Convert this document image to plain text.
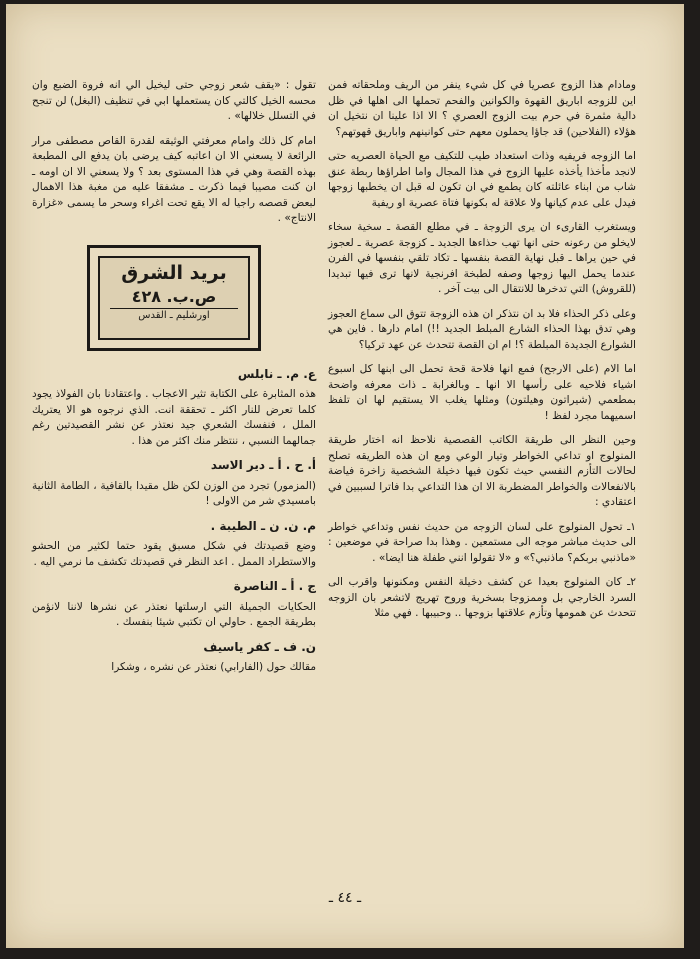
ومادام هذا الزوج عصريا في كل شيء ينفر من الريف وملحقاته فمن اين للزوجه اباريق القهوة والكوانين والفحم تحملها الى اهلها في ظل دالية مثمرة في حرم بيت الزوج العصري ؟ الا اذا علينا ان نتخيل ان هؤلاء (الفلاحين) قد جاؤا يحملون معهم حتى كوانينهم واباريق قهوتهم؟

اما الزوجه فريفيه وذات استعداد طيب للتكيف مع الحياة العصريه حتى لانجد مأخذا يأخذه عليها الزوج في هذا المجال واما اطراؤها ربطة عنق شاب من ابناء عائلته كان يطمع في ان تكون له قبل ان يخطبها زوجها فيدل على عدم كيانها ولا علاقة له بكونها فتاة عصرية او ريفية

ويستغرب القارىء ان يرى الزوجة ـ في مطلع القصة ـ سخية سخاء لايخلو من رعونه حتى انها تهب حذاءها الجديد ـ كزوجة عصرية ـ لعجوز في حين يراها ـ قبل نهاية القصة بنفسها ـ تكاد تلقي بنفسها في الفرن عندما يحمل اليها زوجها وصفه لطبخة افرنجية لانها ترى فيها تبديدا (للقروش) التي تدخرها للانتقال الى بيت آخر .

وعلى ذكر الحذاء فلا بد ان نتذكر ان هذه الزوجة تتوق الى سماع العجوز وهي تدق بهذا الحذاء الشارع المبلط الجديد !!) امام دارها . فاين هي الشوارع الجديدة المبلطة ؟! ام ان القصة تتحدث عن عهد تركيا؟

اما الام (على الارجح) فمع انها فلاحة قحة تحمل الى ابنها كل اسبوع اشياء فلاحيه على رأسها الا انها ـ وبالغرابة ـ ذات معرفه واضحة بمطعمي (شيراتون وهيلتون) ومثلها يغلب الا يستقيم لها ان تلفظ اسميهما مجرد لفظ !

وحين النظر الى طريقة الكاتب القصصية نلاحظ انه اختار طريقة المنولوج او تداعي الخواطر وتيار الوعي ومع ان هذه الطريقه تصلح لحالات التأزم النفسي حيث تكون فيها دخيلة الشخصية زاخرة فياضة بالانفعالات والخواطر المضطربة الا ان هذا التداعي بدا فاترا لسببين في اعتقادي :

١ـ تحول المنولوج على لسان الزوجه من حديث نفس وتداعي خواطر الى حديث مباشر موجه الى مستمعين . وهذا بدا صراحة في موضعين : «ماذنبي بربكم؟ ماذنبي؟» و «لا تقولوا انني طفلة هنا ايضا» .

٢ـ كان المنولوج بعيدا عن كشف دخيلة النفس ومكنونها واقرب الى السرد الخارجي بل وممزوجا بسخرية وروح تهريج لاتشعر بان الزوجه تتحدث عن همومها وتأزم علاقتها بزوجها .. وحبيبها . فهي مثلا

تقول : «يقف شعر زوجي حتى ليخيل الي انه فروة الضبع وان محسه الخيل كالتي كان يستعملها ابي في تنظيف (البغل) لن تنجح في التسلل خلالها» .

امام كل ذلك وامام معرفتي الوثيقه لقدرة القاص مصطفى مرار الرائعة لا يسعني الا ان اعاتبه كيف يرضى بان يدفع الى المطبعة بهذه القصة وهي في هذا المستوى بعد ؟ ولا يسعني الا ان اومه ـ ان كنت مصيبا فيما ذكرت ـ مشفقا عليه من مغبة هذا الاهمال لبعض قصصه راجيا له الا يقع تحت اغراء وسحر ما يسمى «غزارة الانتاج» .

بريد الشرق
ص.ب. ٤٢٨
اورشليم ـ القدس
ع. م. ـ نابلس

هذه المثابرة على الكتابة تثير الاعجاب . واعتقادنا بان الفولاذ يجود كلما تعرض للنار اكثر ـ تحققة انت. الذي نرجوه هو الا يعتريك الملل ، فنفسك الشعري جيد نعتذر عن نشر القصيدتين رغم جمالهما النسبي ، ننتظر منك اكثر من هذا .

أ. ح . أ ـ دير الاسد

(المزمور) تجرد من الوزن لكن ظل مقيدا بالقافية ، الطامة الثانية بامسيدي شر من الاولى !

م. ن. ن ـ الطيبة .

وضع قصيدتك في شكل مسبق يقود حتما لكثير من الحشو والاستطراد الممل . اعد النظر في قصيدتك تكشف ما نرمي اليه .

ج . أ ـ الناصرة

الحكايات الجميلة التي ارسلتها نعتذر عن نشرها لاننا لانؤمن بطريقة الجمع . حاولي ان تكتبي شيئا بنفسك .

ن. ف ـ كفر ياسيف

مقالك حول (الفارابي) نعتذر عن نشره ، وشكرا

ـ ٤٤ ـ
